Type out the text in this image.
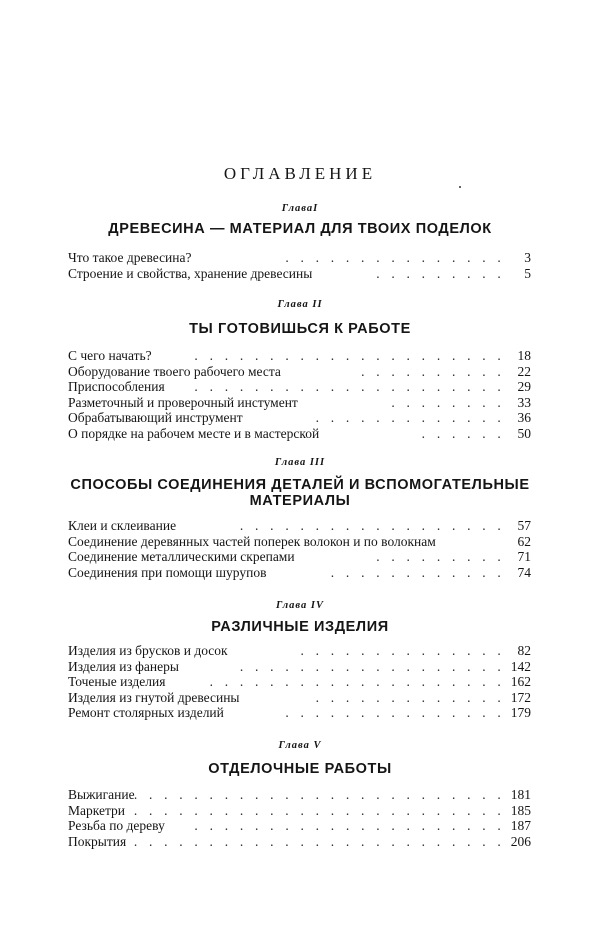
ОГЛАВЛЕНИЕ
ГлаваI
ДРЕВЕСИНА — МАТЕРИАЛ ДЛЯ ТВОИХ ПОДЕЛОК
Что такое древесина?	. . . . . . . . . . . . . . .	3
Строение и свойства, хранение древесины	. . . . . . . . .	5
Глава II
ТЫ ГОТОВИШЬСЯ К РАБОТЕ
С чего начать?	. . . . . . . . . . . . . . . . . . . . . 18
Оборудование твоего рабочего места	. . . . . . . . . . 22
Приспособления . . . . . . . . . . . . . . . . . . . . . 29
Разметочный и проверочный инстумент	. . . . . . . . 33
Обрабатывающий инструмент	. . . . . . . . . . . . . 36
О порядке на рабочем месте и в мастерской	. . . . . . 50
Глава III
СПОСОБЫ СОЕДИНЕНИЯ ДЕТАЛЕЙ И ВСПОМОГАТЕЛЬНЫЕ МАТЕРИАЛЫ
Клеи и склеивание	. . . . . . . . . . . . . . . . . . 57
Соединение деревянных частей поперек волокон и по волокнам	62
Соединение металлическими скрепами	. . . . . . . . . 71
Соединения при помощи шурупов	. . . . . . . . . . . . 74
Глава IV
РАЗЛИЧНЫЕ ИЗДЕЛИЯ
Изделия из брусков и досок	. . . . . . . . . . . . . . 82
Изделия из фанеры	. . . . . . . . . . . . . . . . . . 142
Точеные изделия	. . . . . . . . . . . . . . . . . . . . 162
Изделия из гнутой древесины	. . . . . . . . . . . . . 172
Ремонт столярных изделий	. . . . . . . . . . . . . . . 179
Глава V
ОТДЕЛОЧНЫЕ РАБОТЫ
Выжигание . . . . . . . . . . . . . . . . . . . . . . . . . 181
Маркетри . . . . . . . . . . . . . . . . . . . . . . . . . 185
Резьба по дереву . . . . . . . . . . . . . . . . . . . . . 187
Покрытия . . . . . . . . . . . . . . . . . . . . . . . . . 206
